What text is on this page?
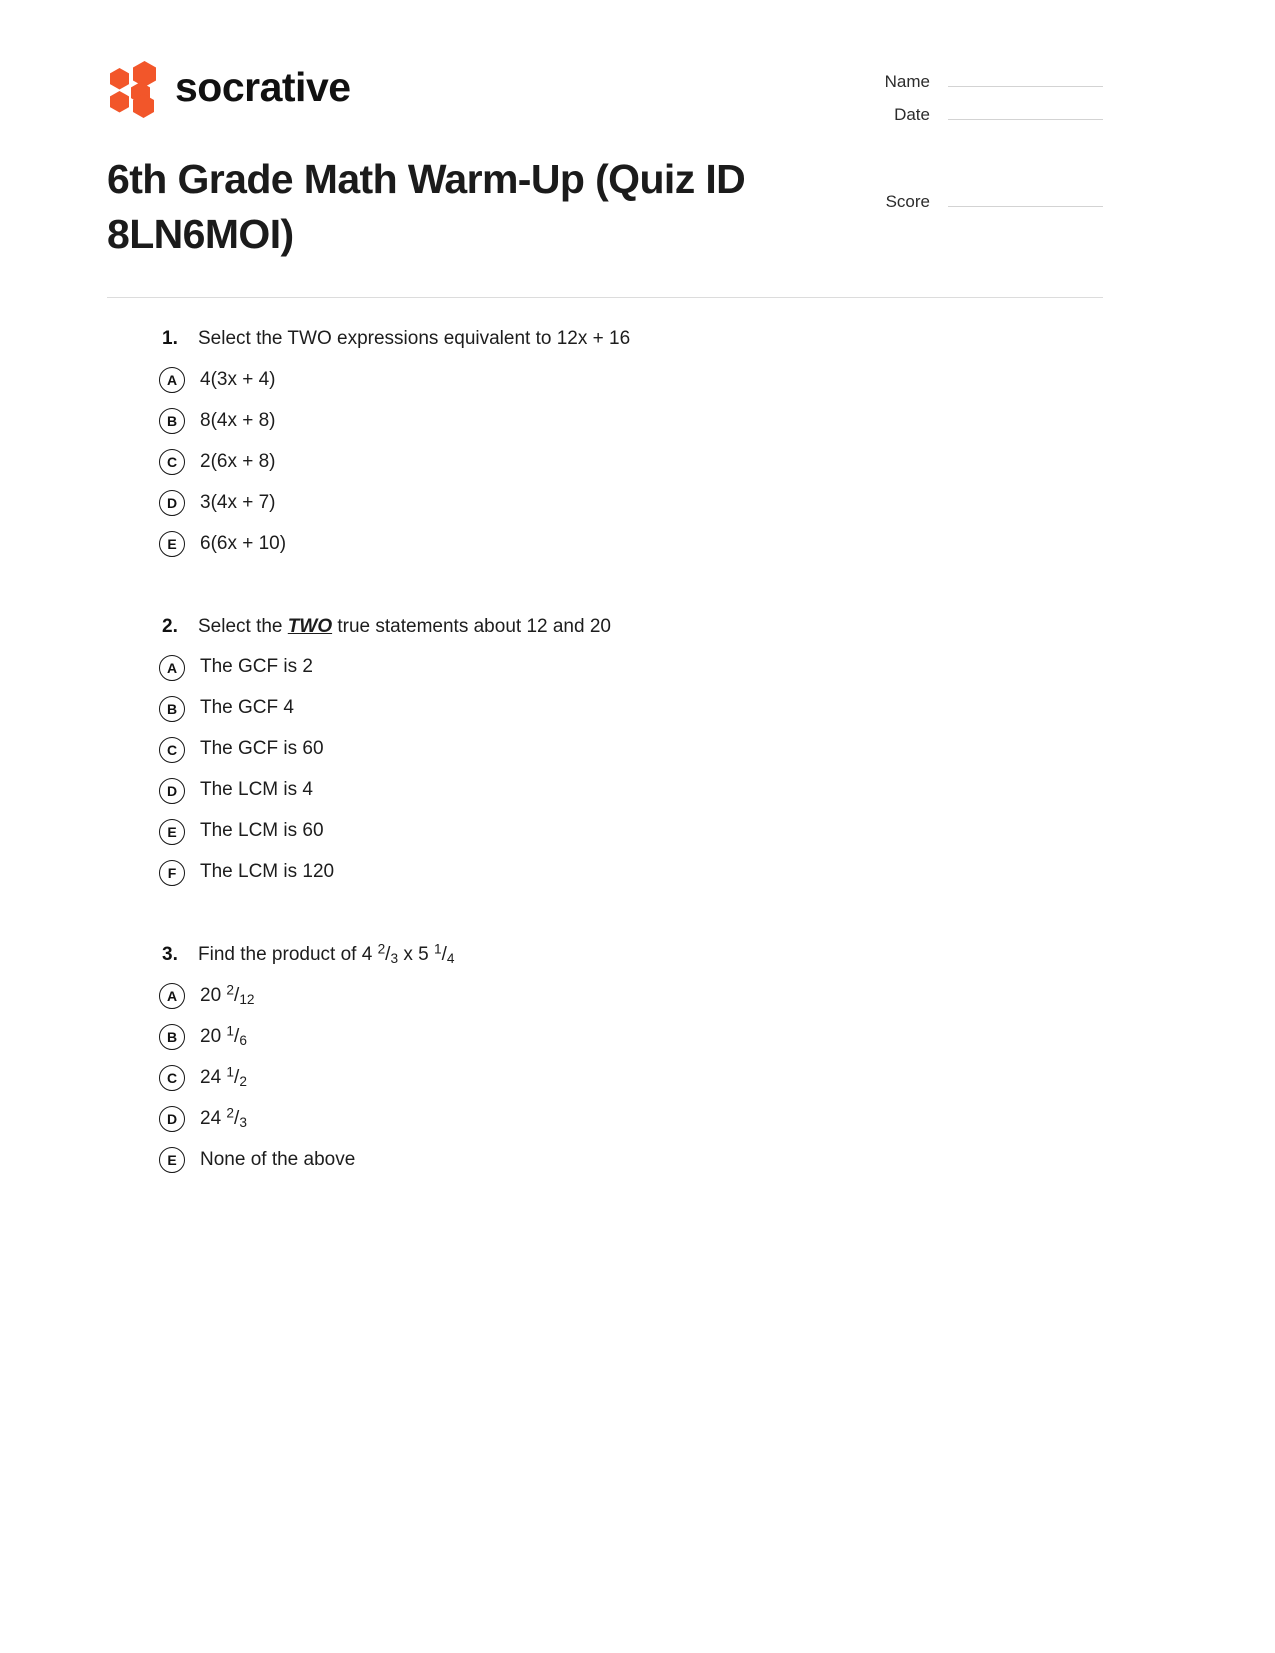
socrative
6th Grade Math Warm-Up (Quiz ID 8LN6MOI)
Name
Date
Score
1.	Select the TWO expressions equivalent to 12x + 16
A	4(3x + 4)
B	8(4x + 8)
C	2(6x + 8)
D	3(4x + 7)
E	6(6x + 10)
2.	Select the TWO true statements about 12 and 20
A	The GCF is 2
B	The GCF 4
C	The GCF is 60
D	The LCM is 4
E	The LCM is 60
F	The LCM is 120
3.	Find the product of 4 $^2$/3 x 5 $^1$/4
A	20 $^2$/12
B	20 $^1$/6
C	24 $^1$/2
D	24 $^2$/3
E	None of the above
